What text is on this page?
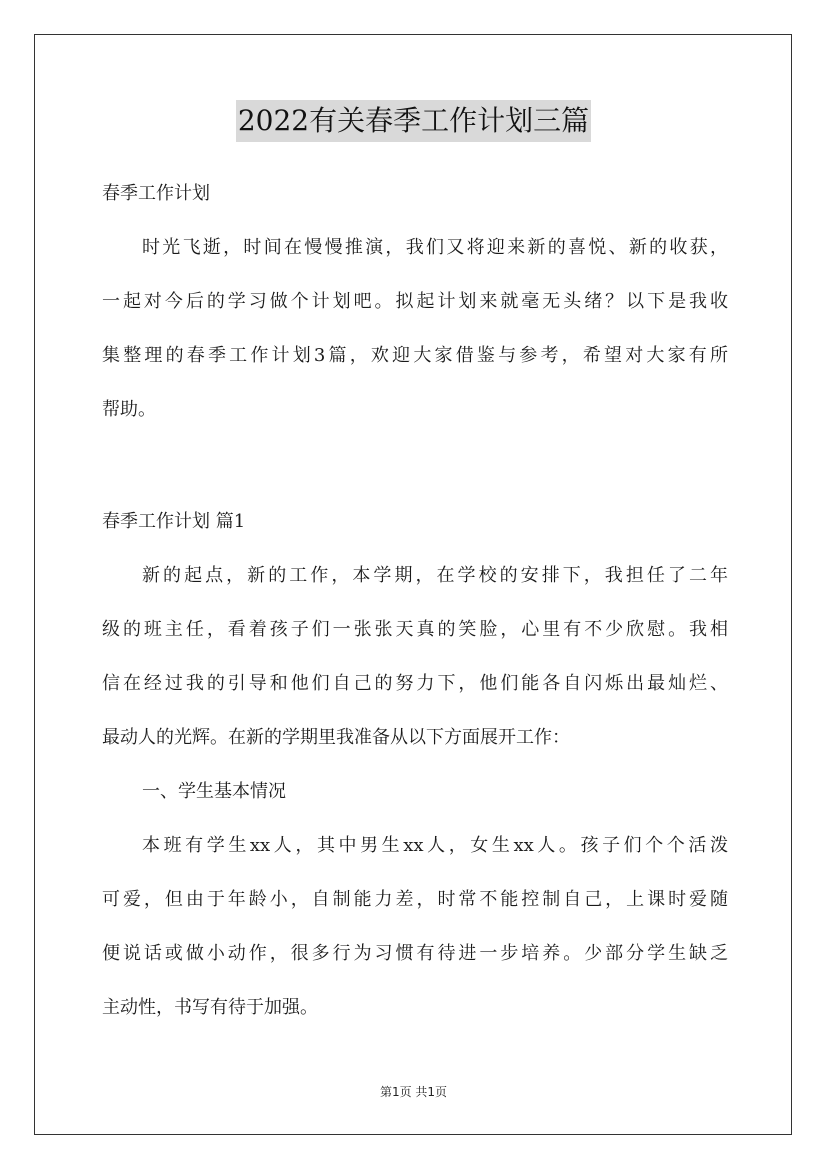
2022有关春季工作计划三篇
春季工作计划
时光飞逝，时间在慢慢推演，我们又将迎来新的喜悦、新的收获，
一起对今后的学习做个计划吧。拟起计划来就毫无头绪？以下是我收
集整理的春季工作计划3篇，欢迎大家借鉴与参考，希望对大家有所
帮助。
春季工作计划 篇1
新的起点，新的工作，本学期，在学校的安排下，我担任了二年
级的班主任，看着孩子们一张张天真的笑脸，心里有不少欣慰。我相
信在经过我的引导和他们自己的努力下，他们能各自闪烁出最灿烂、
最动人的光辉。在新的学期里我准备从以下方面展开工作：
一、学生基本情况
本班有学生xx人，其中男生xx人，女生xx人。孩子们个个活泼
可爱，但由于年龄小，自制能力差，时常不能控制自己，上课时爱随
便说话或做小动作，很多行为习惯有待进一步培养。少部分学生缺乏
主动性，书写有待于加强。
第1页 共1页
